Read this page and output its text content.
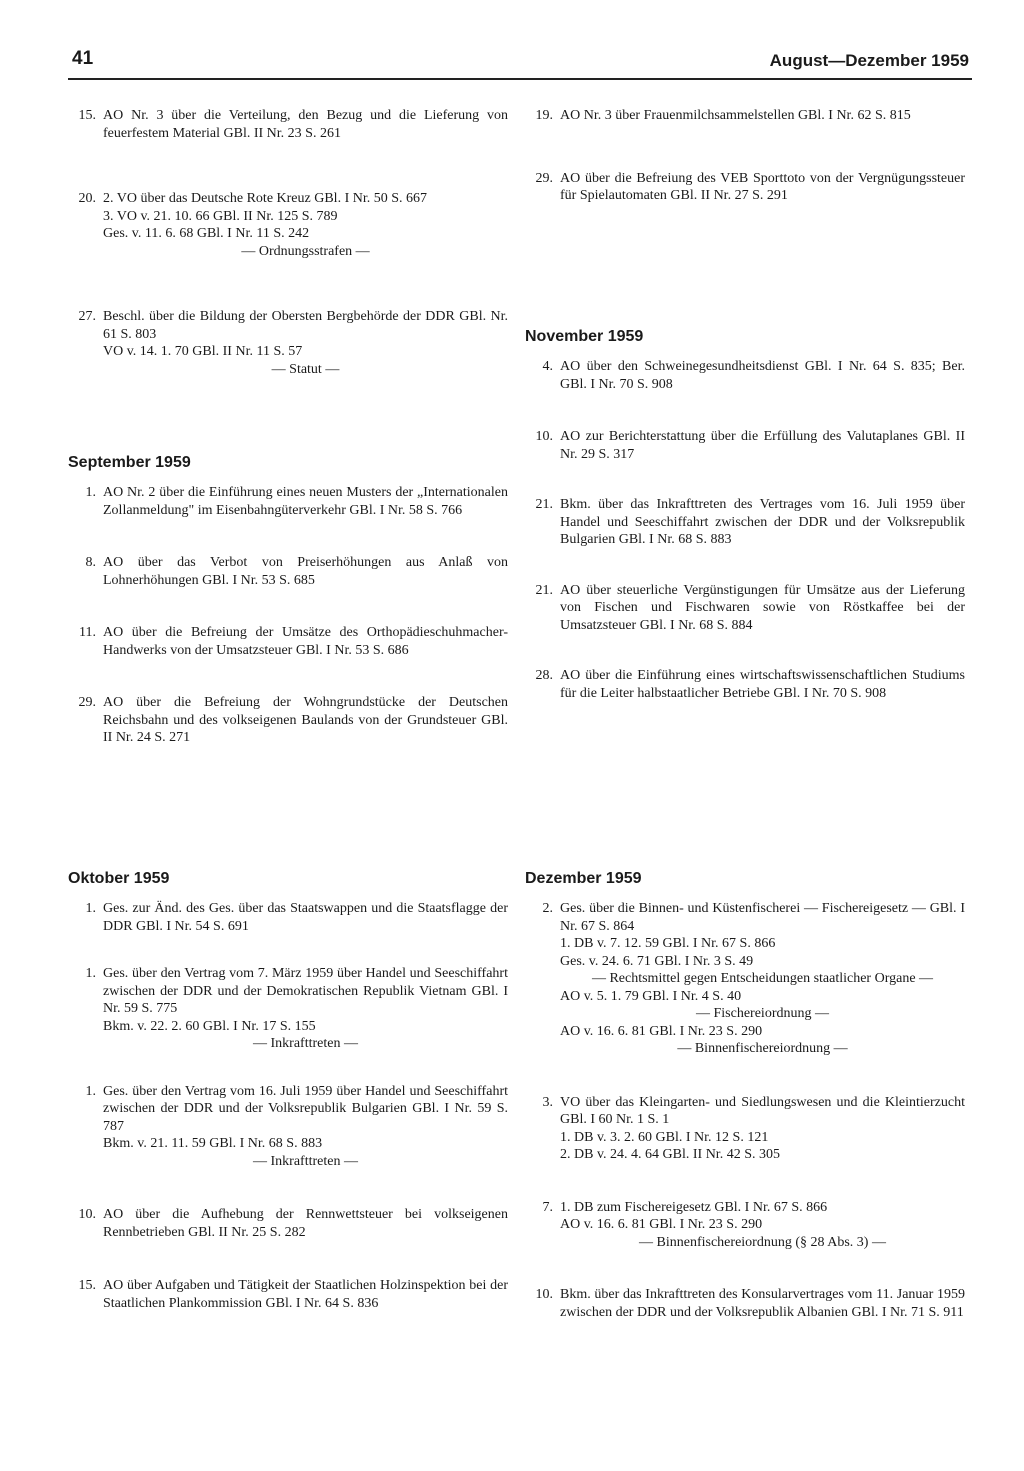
41	August—Dezember 1959
15. AO Nr. 3 über die Verteilung, den Bezug und die Lieferung von feuerfestem Material GBl. II Nr. 23 S. 261
20. 2. VO über das Deutsche Rote Kreuz GBl. I Nr. 50 S. 667
3. VO v. 21. 10. 66 GBl. II Nr. 125 S. 789
Ges. v. 11. 6. 68 GBl. I Nr. 11 S. 242
— Ordnungsstrafen —
27. Beschl. über die Bildung der Obersten Bergbehörde der DDR GBl. Nr. 61 S. 803
VO v. 14. 1. 70 GBl. II Nr. 11 S. 57
— Statut —
September 1959
1. AO Nr. 2 über die Einführung eines neuen Musters der „Internationalen Zollanmeldung" im Eisenbahngüterverkehr GBl. I Nr. 58 S. 766
8. AO über das Verbot von Preiserhöhungen aus Anlaß von Lohnerhöhungen GBl. I Nr. 53 S. 685
11. AO über die Befreiung der Umsätze des Orthopädieschuhmacher-Handwerks von der Umsatzsteuer GBl. I Nr. 53 S. 686
29. AO über die Befreiung der Wohngrundstücke der Deutschen Reichsbahn und des volkseigenen Baulands von der Grundsteuer GBl. II Nr. 24 S. 271
Oktober 1959
1. Ges. zur Änd. des Ges. über das Staatswappen und die Staatsflagge der DDR GBl. I Nr. 54 S. 691
1. Ges. über den Vertrag vom 7. März 1959 über Handel und Seeschiffahrt zwischen der DDR und der Demokratischen Republik Vietnam GBl. I Nr. 59 S. 775
Bkm. v. 22. 2. 60 GBl. I Nr. 17 S. 155
— Inkrafttreten —
1. Ges. über den Vertrag vom 16. Juli 1959 über Handel und Seeschiffahrt zwischen der DDR und der Volksrepublik Bulgarien GBl. I Nr. 59 S. 787
Bkm. v. 21. 11. 59 GBl. I Nr. 68 S. 883
— Inkrafttreten —
10. AO über die Aufhebung der Rennwettsteuer bei volkseigenen Rennbetrieben GBl. II Nr. 25 S. 282
15. AO über Aufgaben und Tätigkeit der Staatlichen Holzinspektion bei der Staatlichen Plankommission GBl. I Nr. 64 S. 836
19. AO Nr. 3 über Frauenmilchsammelstellen GBl. I Nr. 62 S. 815
29. AO über die Befreiung des VEB Sporttoto von der Vergnügungssteuer für Spielautomaten GBl. II Nr. 27 S. 291
November 1959
4. AO über den Schweinegesundheitsdienst GBl. I Nr. 64 S. 835; Ber. GBl. I Nr. 70 S. 908
10. AO zur Berichterstattung über die Erfüllung des Valutaplanes GBl. II Nr. 29 S. 317
21. Bkm. über das Inkrafttreten des Vertrages vom 16. Juli 1959 über Handel und Seeschiffahrt zwischen der DDR und der Volksrepublik Bulgarien GBl. I Nr. 68 S. 883
21. AO über steuerliche Vergünstigungen für Umsätze aus der Lieferung von Fischen und Fischwaren sowie von Röstkaffee bei der Umsatzsteuer GBl. I Nr. 68 S. 884
28. AO über die Einführung eines wirtschaftswissenschaftlichen Studiums für die Leiter halbstaatlicher Betriebe GBl. I Nr. 70 S. 908
Dezember 1959
2. Ges. über die Binnen- und Küstenfischerei — Fischereigesetz — GBl. I Nr. 67 S. 864
1. DB v. 7. 12. 59 GBl. I Nr. 67 S. 866
Ges. v. 24. 6. 71 GBl. I Nr. 3 S. 49
— Rechtsmittel gegen Entscheidungen staatlicher Organe —
AO v. 5. 1. 79 GBl. I Nr. 4 S. 40
— Fischereiordnung —
AO v. 16. 6. 81 GBl. I Nr. 23 S. 290
— Binnenfischereiordnung —
3. VO über das Kleingarten- und Siedlungswesen und die Kleintierzucht GBl. I 60 Nr. 1 S. 1
1. DB v. 3. 2. 60 GBl. I Nr. 12 S. 121
2. DB v. 24. 4. 64 GBl. II Nr. 42 S. 305
7. 1. DB zum Fischereigesetz GBl. I Nr. 67 S. 866
AO v. 16. 6. 81 GBl. I Nr. 23 S. 290
— Binnenfischereiordnung (§ 28 Abs. 3) —
10. Bkm. über das Inkrafttreten des Konsularvertrages vom 11. Januar 1959 zwischen der DDR und der Volksrepublik Albanien GBl. I Nr. 71 S. 911
